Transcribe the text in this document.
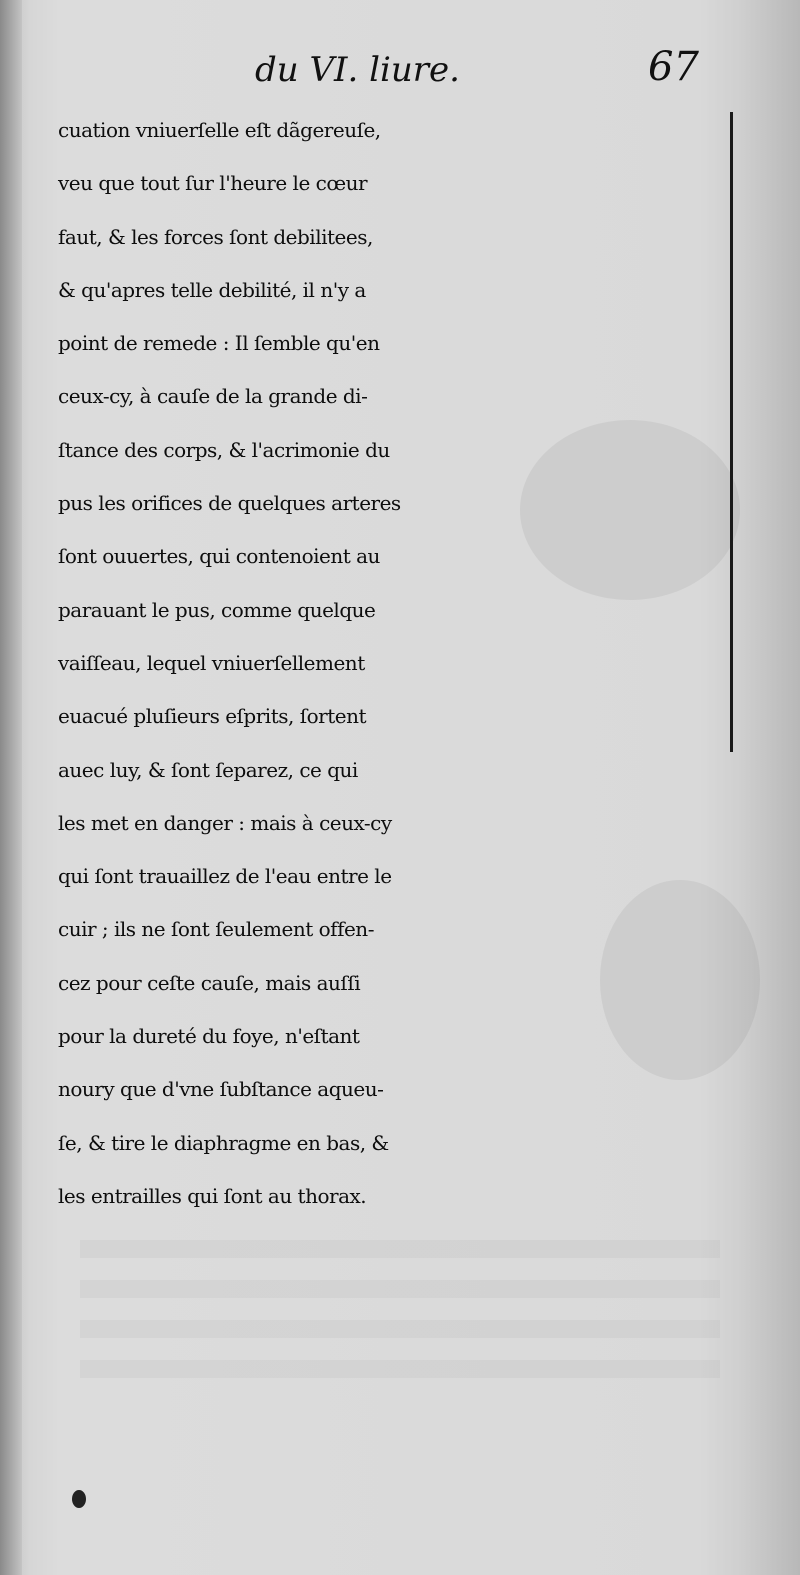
du VI. liure.	67
cuation vniuerſelle eſt dãgereuſe,
veu que tout ſur l'heure le cœur
faut, & les forces ſont debilitees,
& qu'apres telle debilité, il n'y a
point de remede : Il ſemble qu'en
ceux-cy, à cauſe de la grande di-
ſtance des corps, & l'acrimonie du
pus les orifices de quelques arteres
ſont ouuertes, qui contenoient au
parauant le pus, comme quelque
vaiſſeau, lequel vniuerſellement
euacué pluſieurs eſprits, ſortent
auec luy, & ſont ſeparez, ce qui
les met en danger : mais à ceux-cy
qui ſont trauaillez de l'eau entre le
cuir ; ils ne ſont ſeulement offen-
cez pour ceſte cauſe, mais auſſi
pour la dureté du foye, n'eſtant
noury que d'vne ſubſtance aqueu-
ſe, & tire le diaphragme en bas, &
les entrailles qui ſont au thorax.
